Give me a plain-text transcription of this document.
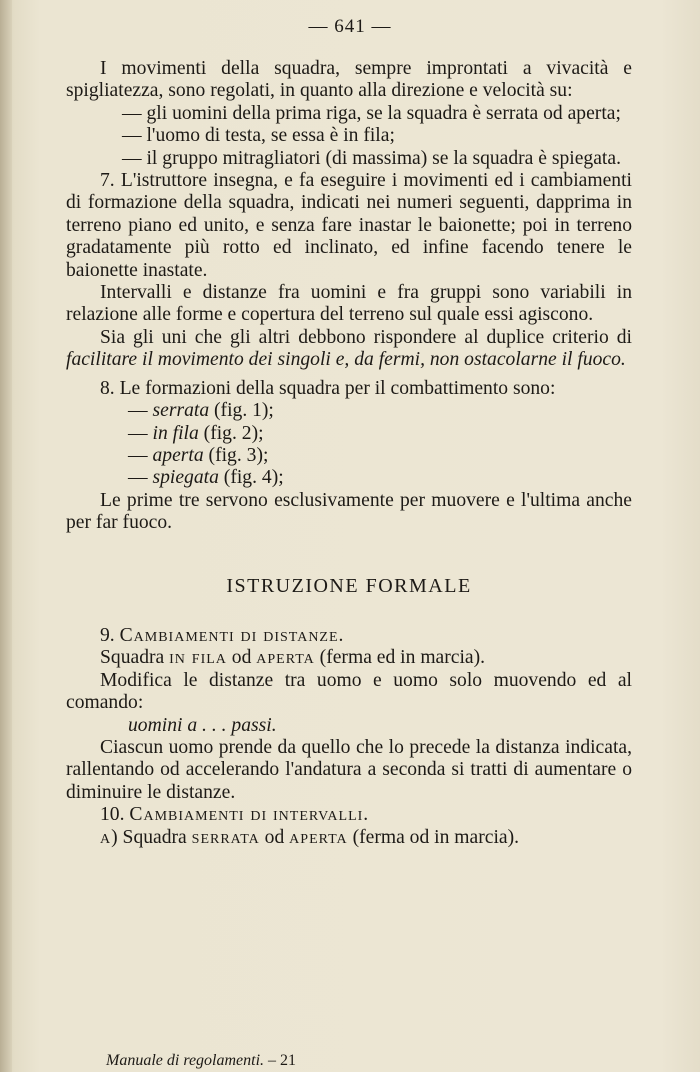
— 641 —

I movimenti della squadra, sempre improntati a vivacità e spigliatezza, sono regolati, in quanto alla direzione e velocità su:

— gli uomini della prima riga, se la squadra è serrata od aperta;

— l'uomo di testa, se essa è in fila;

— il gruppo mitragliatori (di massima) se la squadra è spiegata.

7. L'istruttore insegna, e fa eseguire i movimenti ed i cambiamenti di formazione della squadra, indicati nei numeri seguenti, dapprima in terreno piano ed unito, e senza fare inastar le baionette; poi in terreno gradatamente più rotto ed inclinato, ed infine facendo tenere le baionette inastate.

Intervalli e distanze fra uomini e fra gruppi sono variabili in relazione alle forme e copertura del terreno sul quale essi agiscono.

Sia gli uni che gli altri debbono rispondere al duplice criterio di facilitare il movimento dei singoli e, da fermi, non ostacolarne il fuoco.

8. Le formazioni della squadra per il combattimento sono:

— serrata (fig. 1);
— in fila (fig. 2);
— aperta (fig. 3);
— spiegata (fig. 4);

Le prime tre servono esclusivamente per muovere e l'ultima anche per far fuoco.

ISTRUZIONE FORMALE

9. Cambiamenti di distanze.

Squadra in fila od aperta (ferma ed in marcia).

Modifica le distanze tra uomo e uomo solo muovendo ed al comando:

uomini a . . . passi.

Ciascun uomo prende da quello che lo precede la distanza indicata, rallentando od accelerando l'andatura a seconda si tratti di aumentare o diminuire le distanze.

10. Cambiamenti di intervalli.

a) Squadra serrata od aperta (ferma od in marcia).

Manuale di regolamenti. – 21
